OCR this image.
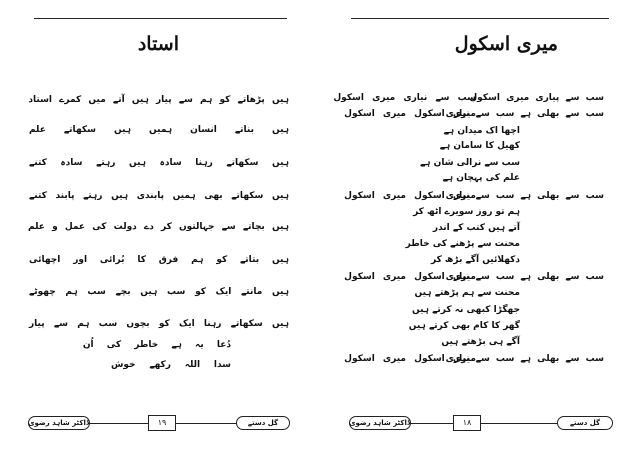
استاد
ہیں پڑھاتے کو ہم سے پیار ہیں آتے میں کمرے استاد
ہیں بناتے انسان ہمیں ہیں سکھاتے علم
ہیں سکھاتے رہنا سادہ ہیں رہتے سادہ کتنے
ہیں سکھاتے بھی ہمیں پابندی ہیں رہتے پابند کتنے
ہیں بچاتے سے جہالتوں کر دے دولت کی عمل و علم
ہیں بتاتے کو ہم فرق کا بُرائی اور اچھائی
ہیں مانتے ایک کو سب ہیں بچے سب ہم چھوٹے
ہیں سکھاتے رہنا ایک کو بچوں سب ہم سے پیار
دُعا یہ ہے خاطر کی اُن
سدا اللہ رکھے خوش
ڈاکٹر شاہد رضوی	۱۹	گل دستے
میری اسکول
سب سے پیاری میری اسکولسب سے نیاری میری اسکول
سب سے بھلی ہے سب سے نیاریمیری اسکول میری اسکول
اچھا اک میدان ہے
کھیل کا سامان ہے
سب سے نرالی شان ہے
علم کی پہچان ہے
سب سے بھلی ہے سب سے نیاریمیری اسکول میری اسکول
ہم تو روز سویرے اٹھ کر
آتے ہیں کتب کے اندر
محنت سے پڑھنے کی خاطر
دکھلائیں آگے بڑھ کر
سب سے بھلی ہے سب سے نیاریمیری اسکول میری اسکول
محنت سے ہم پڑھتے ہیں
جھگڑا کبھی نہ کرتے ہیں
گھر کا کام بھی کرتے ہیں
آگے ہی بڑھتے ہیں
سب سے بھلی ہے سب سے نیاریمیری اسکول میری اسکول
ڈاکٹر شاہد رضوی	۱۸	گل دستے
